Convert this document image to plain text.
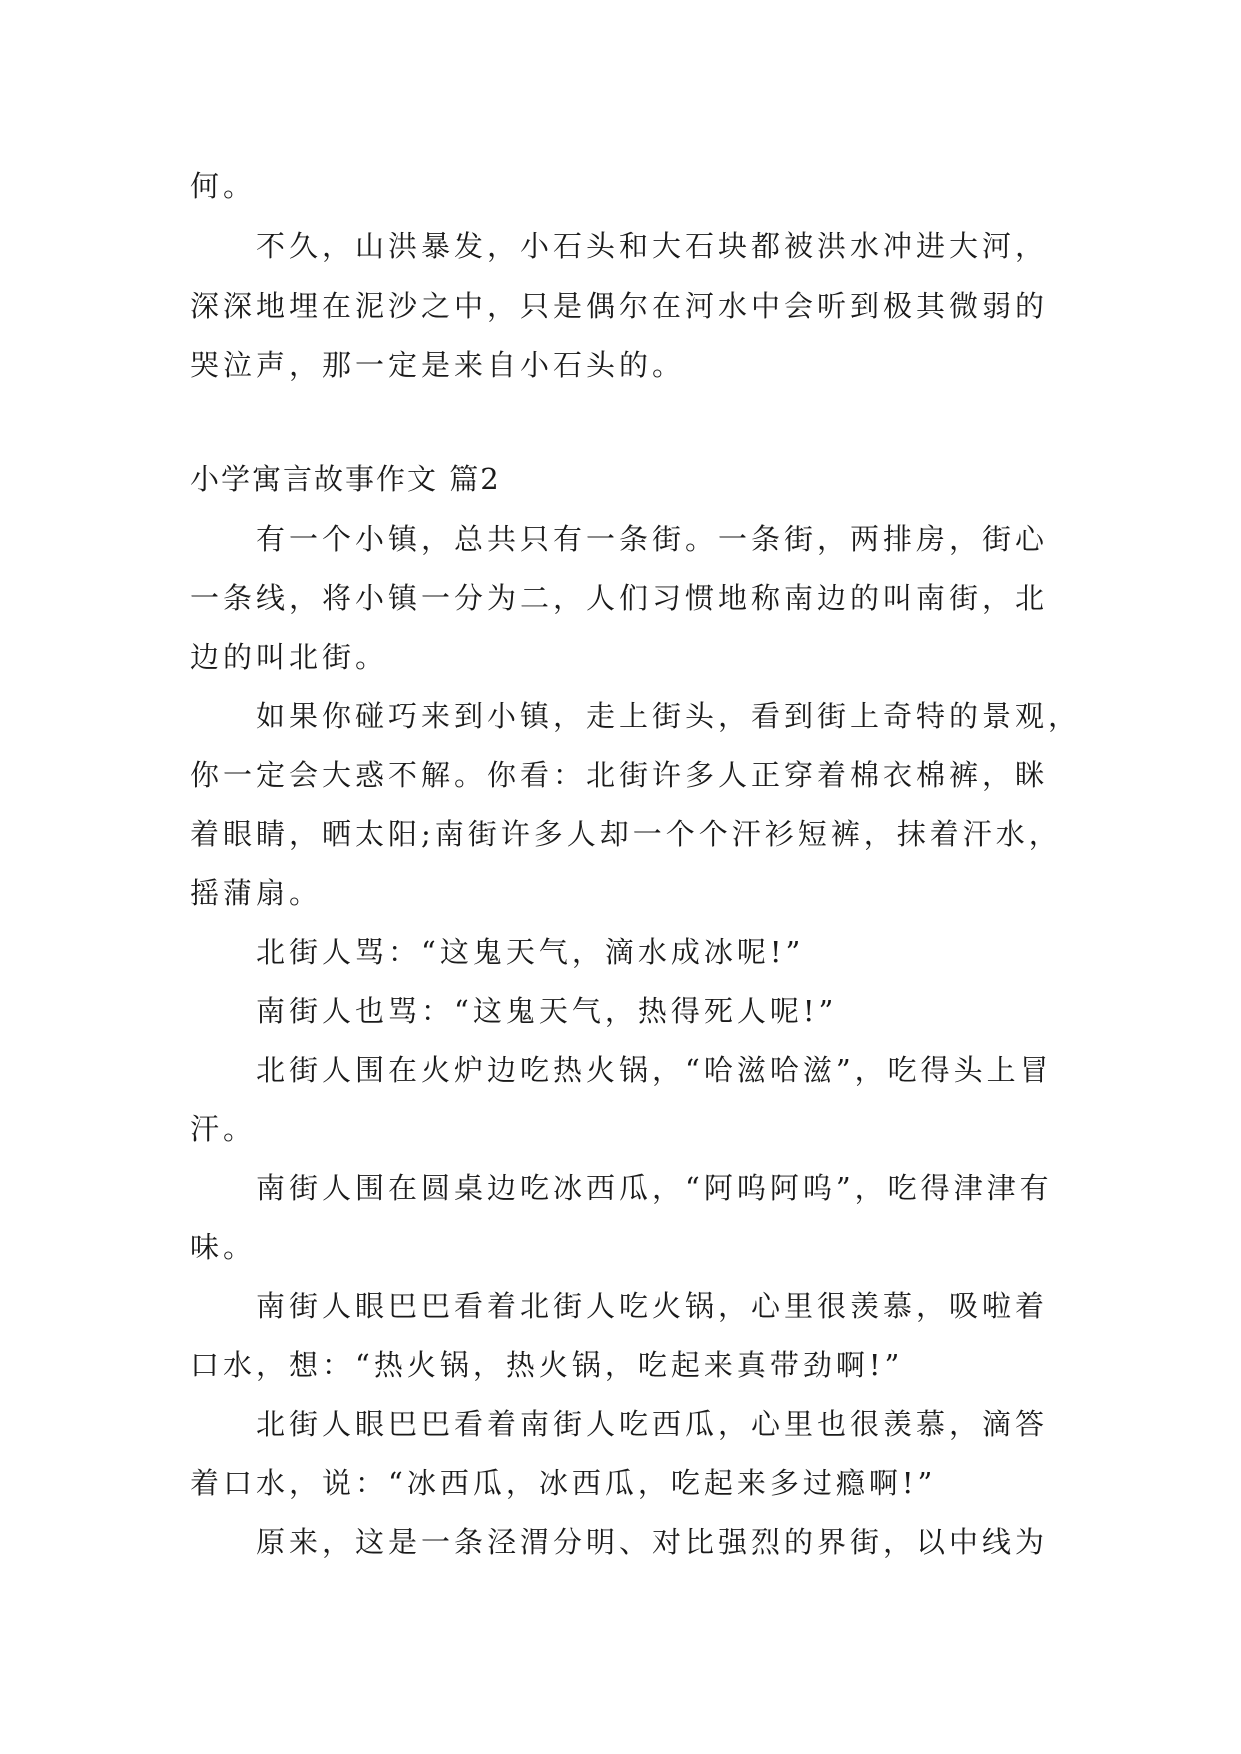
何。

不久，山洪暴发，小石头和大石块都被洪水冲进大河，

深深地埋在泥沙之中，只是偶尔在河水中会听到极其微弱的

哭泣声，那一定是来自小石头的。

小学寓言故事作文 篇2

有一个小镇，总共只有一条街。一条街，两排房，街心

一条线，将小镇一分为二，人们习惯地称南边的叫南街，北

边的叫北街。

如果你碰巧来到小镇，走上街头，看到街上奇特的景观，

你一定会大惑不解。你看：北街许多人正穿着棉衣棉裤，眯

着眼睛，晒太阳;南街许多人却一个个汗衫短裤，抹着汗水，

摇蒲扇。

北街人骂：“这鬼天气，滴水成冰呢!”

南街人也骂：“这鬼天气，热得死人呢!”

北街人围在火炉边吃热火锅，“哈滋哈滋”，吃得头上冒

汗。

南街人围在圆桌边吃冰西瓜，“阿呜阿呜”，吃得津津有

味。

南街人眼巴巴看着北街人吃火锅，心里很羡慕，吸啦着

口水，想：“热火锅，热火锅，吃起来真带劲啊!”

北街人眼巴巴看着南街人吃西瓜，心里也很羡慕，滴答

着口水，说：“冰西瓜，冰西瓜，吃起来多过瘾啊!”

原来，这是一条泾渭分明、对比强烈的界街，以中线为
